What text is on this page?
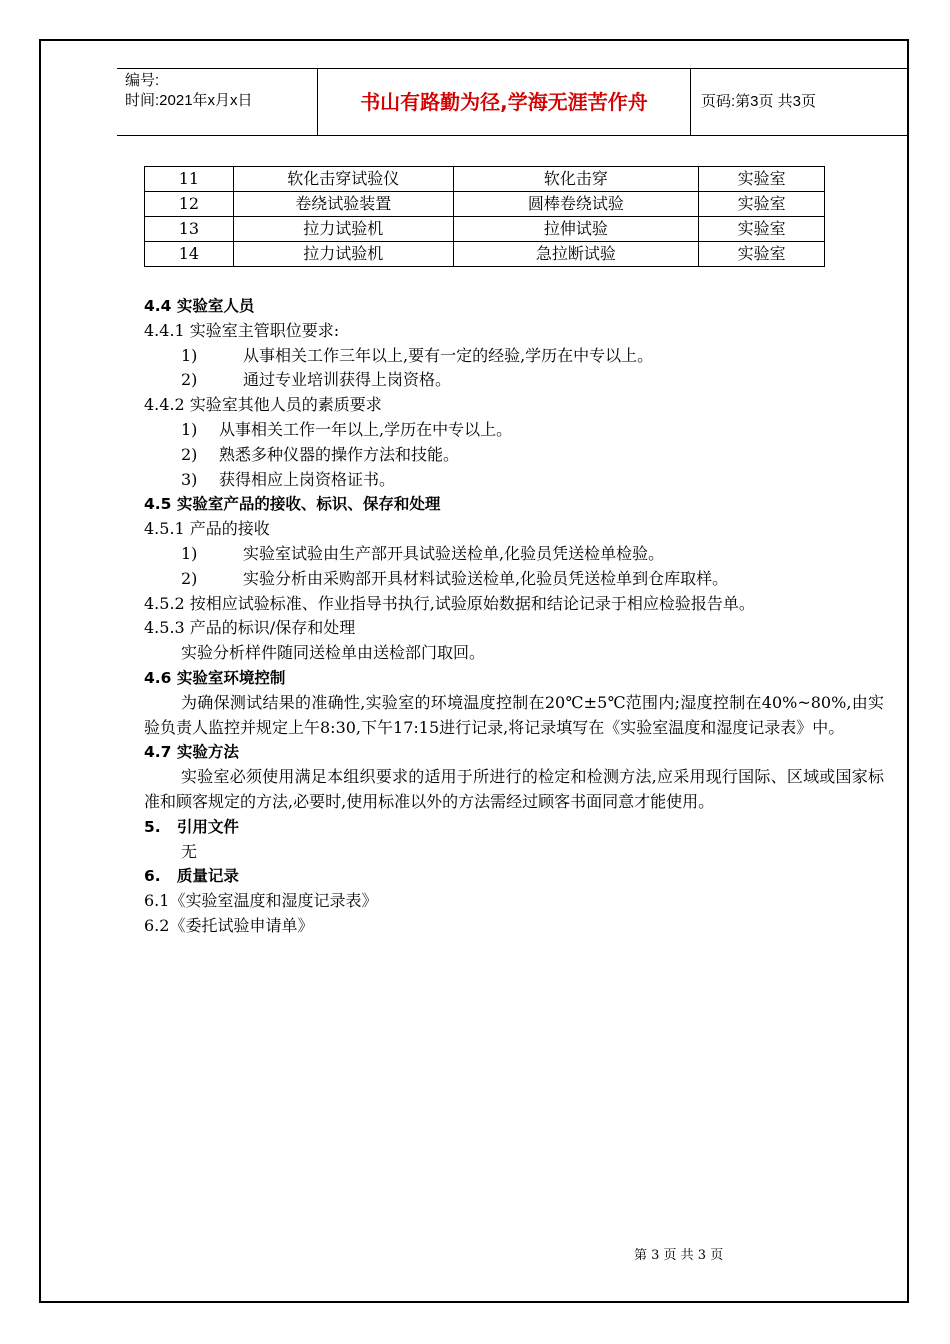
编号:
时间:2021年x月x日	书山有路勤为径,学海无涯苦作舟	页码:第3页 共3页
11	软化击穿试验仪	软化击穿	实验室
12	卷绕试验装置	圆棒卷绕试验	实验室
13	拉力试验机	拉伸试验	实验室
14	拉力试验机	急拉断试验	实验室

4.4 实验室人员

4.4.1 实验室主管职位要求:

1)	从事相关工作三年以上,要有一定的经验,学历在中专以上。

2)	通过专业培训获得上岗资格。

4.4.2 实验室其他人员的素质要求

1) 从事相关工作一年以上,学历在中专以上。

2) 熟悉多种仪器的操作方法和技能。

3) 获得相应上岗资格证书。

4.5 实验室产品的接收、标识、保存和处理

4.5.1 产品的接收

1)	实验室试验由生产部开具试验送检单,化验员凭送检单检验。

2)	实验分析由采购部开具材料试验送检单,化验员凭送检单到仓库取样。

4.5.2 按相应试验标准、作业指导书执行,试验原始数据和结论记录于相应检验报告单。

4.5.3 产品的标识/保存和处理

实验分析样件随同送检单由送检部门取回。

4.6 实验室环境控制

为确保测试结果的准确性,实验室的环境温度控制在20℃±5℃范围内;湿度控制在40%~80%,由实验负责人监控并规定上午8:30,下午17:15进行记录,将记录填写在《实验室温度和湿度记录表》中。

4.7 实验方法

实验室必须使用满足本组织要求的适用于所进行的检定和检测方法,应采用现行国际、区域或国家标准和顾客规定的方法,必要时,使用标准以外的方法需经过顾客书面同意才能使用。

5.   引用文件

无

6.   质量记录

6.1《实验室温度和湿度记录表》

6.2《委托试验申请单》

第 3 页 共 3 页
